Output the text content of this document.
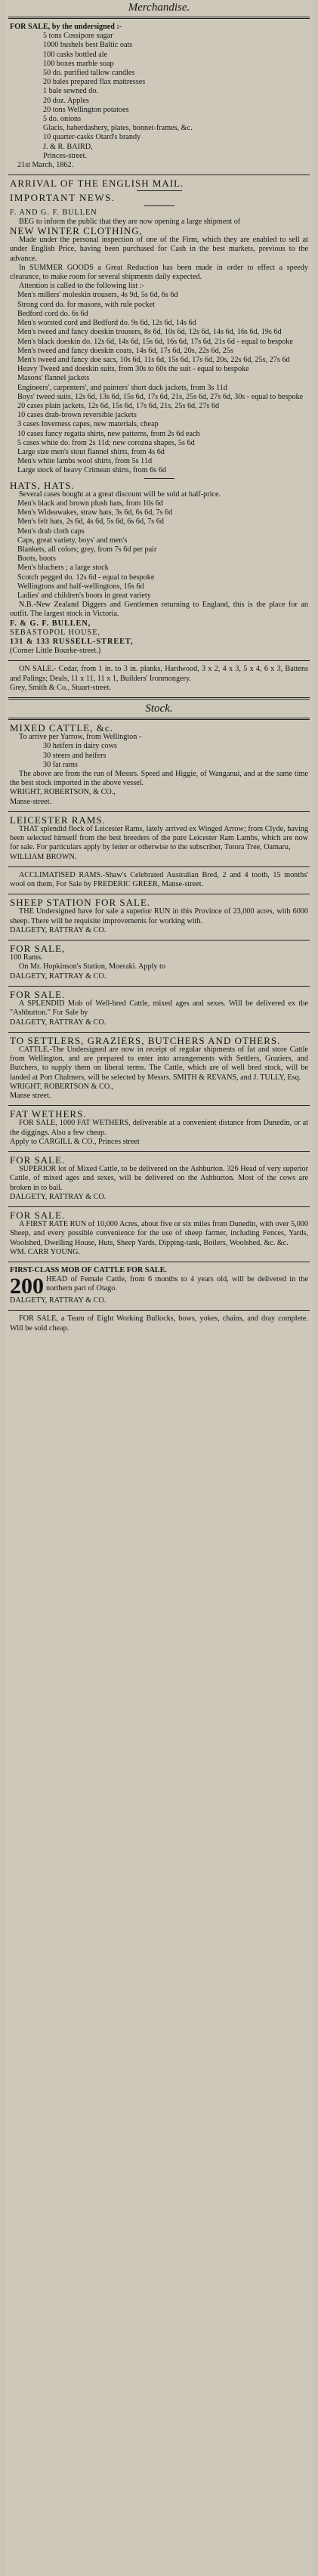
Merchandise.

FOR SALE, by the undersigned :-

5 tons Cossipore sugar

1000 bushels best Baltic oats

100 casks bottled ale

100 boxes marble soap

50 do. purified tallow candles

20 bales prepared flax mattresses

1 bale sewned do.

20 doz. Apples

20 tons Wellington potatoes

5 do. onions

Glacis, haberdashery, plates, bonnet-frames, &c.

10 quarter-casks Otard's brandy

J. & R. BAIRD,

Princes-street.

21st March, 1862.

ARRIVAL OF THE ENGLISH MAIL.

IMPORTANT NEWS.

F. AND G. F. BULLEN

BEG to inform the public that they are now opening a large shipment of

NEW WINTER CLOTHING,

Made under the personal inspection of one of the Firm, which they are enabled to sell at under English Price, having been purchased for Cash in the best markets, previous to the advance.

In SUMMER GOODS a Great Reduction has been made in order to effect a speedy clearance, to make room for several shipments daily expected.

Attention is called to the following list :-

Men's millers' moleskin trousers, 4s 9d, 5s 6d, 6s 6d

Strong cord do. for masons, with rule pocket

Bedford cord do. 6s 6d

Men's worsted cord and Bedford do. 9s 6d, 12s 6d, 14s 6d

Men's tweed and fancy doeskin trousers, 8s 6d, 10s 6d, 12s 6d, 14s 6d, 16s 6d, 19s 6d

Men's black doeskin do. 12s 6d, 14s 6d, 15s 6d, 16s 6d, 17s 6d, 21s 6d - equal to bespoke

Men's tweed and fancy doeskin coats, 14s 6d, 17s 6d, 20s, 22s 6d, 25s

Men's tweed and fancy doe sacs, 10s 6d, 11s 6d, 15s 6d, 17s 6d, 20s, 22s 6d, 25s, 27s 6d

Heavy Tweed and doeskin suits, from 30s to 60s the suit - equal to bespoke

Masons' flannel jackets

Engineers', carpenters', and painters' short duck jackets, from 3s 11d

Boys' tweed suits, 12s 6d, 13s 6d, 15s 6d, 17s 6d, 21s, 25s 6d, 27s 6d, 30s - equal to bespoke

20 cases plain jackets, 12s 6d, 15s 6d, 17s 6d, 21s, 25s 6d, 27s 6d

10 cases drab-brown reversible jackets

3 cases Inverness capes, new materials, cheap

10 cases fancy regatta shirts, new patterns, from 2s 6d each

5 cases white do. from 2s 11d; new corozna shapes, 5s 6d

Large size men's stout flannel shirts, from 4s 6d

Men's white lambs wool shirts, from 5s 11d

Large stock of heavy Crimean shirts, from 6s 6d

HATS, HATS.

Several cases bought at a great discount will be sold at half-price.

Men's black and brown plush hats, from 10s 6d

Men's Wideawakes, straw hats, 3s 6d, 6s 6d, 7s 6d

Men's felt hats, 2s 6d, 4s 6d, 5s 6d, 6s 6d, 7s 6d

Men's drab cloth caps

Caps, great variety, boys' and men's

Blankets, all colors; grey, from 7s 6d per pair

Boots, boots

Men's bluchers ; a large stock

Scotch pegged do. 12s 6d - equal to bespoke

Wellingtons and half-wellingtons, 16s 6d

Ladies' and children's boots in great variety

N.B.-New Zealand Diggers and Gentlemen returning to England, this is the place for an outfit. The largest stock in Victoria.

F. & G. F. BULLEN,

SEBASTOPOL HOUSE,

131 & 133 RUSSELL-STREET,

(Corner Little Bourke-street.)

ON SALE.- Cedar, from 1 in. to 3 in. planks, Hardwood, 3 x 2, 4 x 3, 5 x 4, 6 x 3, Battens and Palings; Deals, 11 x 11, 11 x 1, Builders' Ironmongery.

Grey, Smith & Co., Stuart-street.

Stock.

MIXED CATTLE, &c.

To arrive per Yarrow, from Wellington -

30 heifers in dairy cows

30 steers and heifers

30 fat rams

The above are from the run of Messrs. Speed and Higgie, of Wanganui, and at the same time the best stock imported in the above vessel.

WRIGHT, ROBERTSON, & CO.,

Manse-street.

LEICESTER RAMS.

THAT splendid flock of Leicester Rams, lately arrived ex Winged Arrow; from Clyde, having been selected himself from the best breeders of the pure Leicester Ram Lambs, which are now for sale. For particulars apply by letter or otherwise to the subscriber, Totora Tree, Oamaru,

WILLIAM BROWN.

ACCLIMATISED RAMS.-Shaw's Celebrated Australian Bred, 2 and 4 tooth, 15 months' wool on them, For Sale by FREDERIC GREER, Manse-street.

SHEEP STATION FOR SALE.

THE Undersigned have for sale a superior RUN in this Province of 23,000 acres, with 6000 sheep. There will be requisite improvements for working with.

DALGETY, RATTRAY & CO.

FOR SALE,

100 Rams.

On Mr. Hopkinson's Station, Moeraki. Apply to

DALGETY, RATTRAY & CO.

FOR SALE.

A SPLENDID Mob of Well-bred Cattle, mixed ages and sexes. Will be delivered ex the "Ashburton." For Sale by

DALGETY, RATTRAY & CO.

TO SETTLERS, GRAZIERS, BUTCHERS AND OTHERS.

CATTLE.-The Undersigned are now in receipt of regular shipments of fat and store Cattle from Wellington, and are prepared to enter into arrangements with Settlers, Graziers, and Butchers, to supply them on liberal terms. The Cattle, which are of well bred stock, will be landed at Port Chalmers, will be selected by Messrs. SMITH & REVANS, and J. TULLY, Esq.

WRIGHT, ROBERTSON & CO.,

Manse street.

FAT WETHERS.

FOR SALE, 1000 FAT WETHERS, deliverable at a convenient distance from Dunedin, or at the diggings. Also a few cheap.

Apply to CARGILL & CO., Princes street

FOR SALE.

SUPERIOR lot of Mixed Cattle, to be delivered on the Ashburton. 326 Head of very superior Cattle, of mixed ages and sexes, will be delivered on the Ashburton. Most of the cows are broken in to bail.

DALGETY, RATTRAY & CO.

FOR SALE.

A FIRST RATE RUN of 10,000 Acres, about five or six miles from Dunedin, with over 5,000 Sheep, and every possible convenience for the use of sheep farmer, including Fences, Yards, Woolshed, Dwelling House, Huts, Sheep Yards, Dipping-tank, Boilers, Woolshed, &c. &c.

WM. CARR YOUNG.

FIRST-CLASS MOB OF CATTLE FOR SALE.

200 HEAD of Female Cattle, from 6 months to 4 years old, will be delivered in the northern part of Otago.

DALGETY, RATTRAY & CO.

FOR SALE, a Team of Eight Working Bullocks, bows, yokes, chains, and dray complete. Will be sold cheap.
